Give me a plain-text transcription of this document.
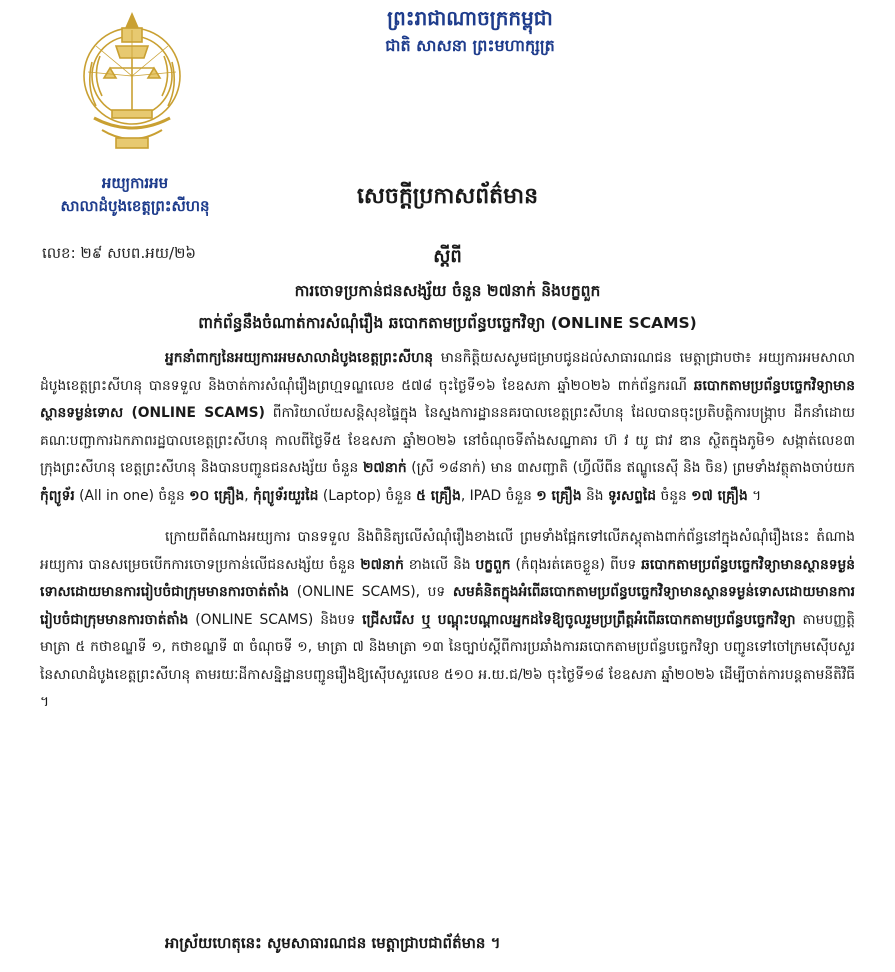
អយ្យការអម
សាលាដំបូងខេត្តព្រះសីហនុ
ព្រះរាជាណាចក្រកម្ពុជា
ជាតិ សាសនា ព្រះមហាក្សត្រ
សេចក្តីប្រកាសព័ត៌មាន
លេខ: ២៩ សបព.អយ/២៦	ស្តីពី
ការចោទប្រកាន់ជនសង្ស័យ ចំនួន ២៧នាក់ និងបក្ខពួក
ពាក់ព័ន្ធនឹងចំណាត់ការសំណុំរឿង ឆបោកតាមប្រព័ន្ធបច្ចេកវិទ្យា (ONLINE SCAMS)

អ្នកនាំពាក្យនៃអយ្យការអមសាលាដំបូងខេត្តព្រះសីហនុ មានកិត្តិយសសូមជម្រាបជូនដល់សាធារណជន មេត្តាជ្រាបថា៖ អយ្យការអមសាលាដំបូងខេត្តព្រះសីហនុ បានទទួល និងចាត់ការសំណុំរឿងព្រហ្មទណ្ឌលេខ ៥៧៨ ចុះថ្ងៃទី១៦ ខែឧសភា ឆ្នាំ២០២៦ ពាក់ព័ន្ធករណី ឆបោកតាមប្រព័ន្ធបច្ចេកវិទ្យាមានស្ថានទម្ងន់ទោស (ONLINE SCAMS) ពីការិយាល័យសន្តិសុខផ្ទៃក្នុង នៃស្នងការដ្ឋាននគរបាលខេត្តព្រះសីហនុ ដែលបានចុះប្រតិបត្តិការបង្ក្រាប ដឹកនាំដោយគណៈបញ្ជាការឯកភាពរដ្ឋបាលខេត្តព្រះសីហនុ កាលពីថ្ងៃទី៥ ខែឧសភា ឆ្នាំ២០២៦ នៅចំណុចទីតាំងសណ្ឋាគារ ហ៊ វ យូ ជាវ ឌាន ស្ថិតក្នុងភូមិ១ សង្កាត់លេខ៣ ក្រុងព្រះសីហនុ ខេត្តព្រះសីហនុ និងបានបញ្ជូនជនសង្ស័យ ចំនួន ២៧នាក់ (ស្រី ១៨នាក់) មាន ៣សញ្ជាតិ (ហ្វីលីពីន ឥណ្ឌូនេស៊ី និង ចិន) ព្រមទាំងវត្ថុតាងចាប់យក កុំព្យូទ័រ (All in one) ចំនួន ១០ គ្រឿង, កុំព្យូទ័រយួរដៃ (Laptop) ចំនួន ៥ គ្រឿង, IPAD ចំនួន ១ គ្រឿង និង ទូរសព្ទដៃ ចំនួន ១៧ គ្រឿង ។

ក្រោយពីតំណាងអយ្យការ បានទទួល និងពិនិត្យលើសំណុំរឿងខាងលើ ព្រមទាំងផ្អែកទៅលើភស្តុតាងពាក់ព័ន្ធនៅក្នុងសំណុំរឿងនេះ តំណាងអយ្យការ បានសម្រេចបើកការចោទប្រកាន់លើជនសង្ស័យ ចំនួន ២៧នាក់ ខាងលើ និង បក្ខពួក (កំពុងរត់គេចខ្លួន) ពីបទ ឆបោកតាមប្រព័ន្ធបច្ចេកវិទ្យាមានស្ថានទម្ងន់ទោសដោយមានការរៀបចំជាក្រុមមានការចាត់តាំង (ONLINE SCAMS), បទ សមគំនិតក្នុងអំពើឆបោកតាមប្រព័ន្ធបច្ចេកវិទ្យាមានស្ថានទម្ងន់ទោសដោយមានការរៀបចំជាក្រុមមានការចាត់តាំង (ONLINE SCAMS) និងបទ ជ្រើសរើស ឬ បណ្តុះបណ្តាលអ្នកដទៃឱ្យចូលរួមប្រព្រឹត្តអំពើឆបោកតាមប្រព័ន្ធបច្ចេកវិទ្យា តាមបញ្ញត្តិមាត្រា ៥ កថាខណ្ឌទី ១, កថាខណ្ឌទី ៣ ចំណុចទី ១, មាត្រា ៧ និងមាត្រា ១៣ នៃច្បាប់ស្តីពីការប្រឆាំងការឆបោកតាមប្រព័ន្ធបច្ចេកវិទ្យា បញ្ជូនទៅចៅក្រមស៊ើបសួរ នៃសាលាដំបូងខេត្តព្រះសីហនុ តាមរយៈដីកាសន្និដ្ឋានបញ្ជូនរឿងឱ្យស៊ើបសួរលេខ ៥១០ អ.យ.ជ/២៦ ចុះថ្ងៃទី១៨ ខែឧសភា ឆ្នាំ២០២៦ ដើម្បីចាត់ការបន្តតាមនីតិវិធី ។

អាស្រ័យហេតុនេះ សូមសាធារណជន មេត្តាជ្រាបជាព័ត៌មាន ។
